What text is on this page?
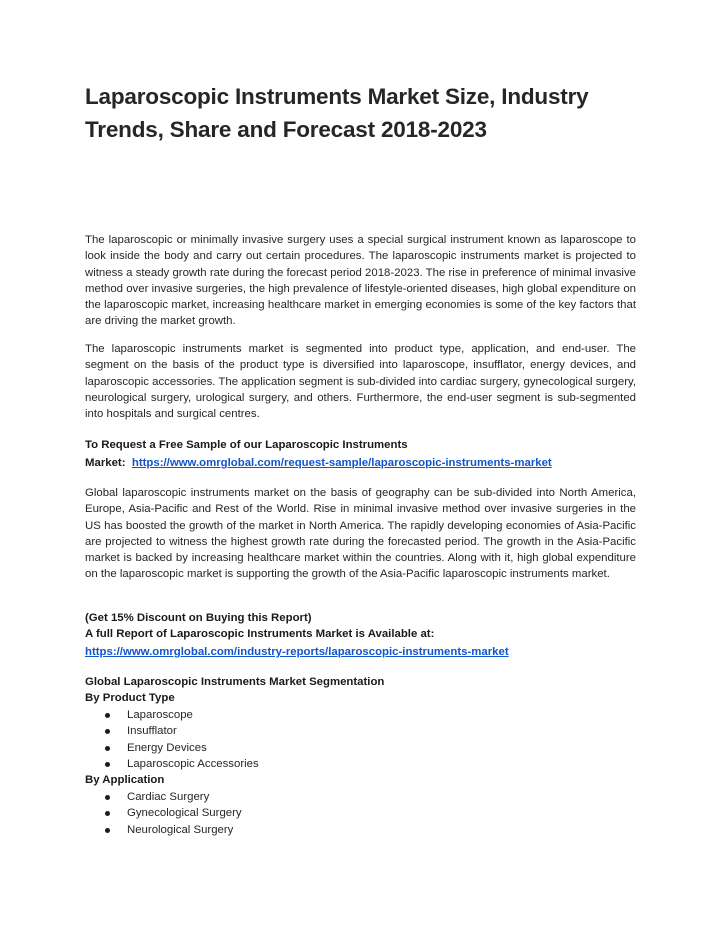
Laparoscopic Instruments Market Size, Industry Trends, Share and Forecast 2018-2023

The laparoscopic or minimally invasive surgery uses a special surgical instrument known as laparoscope to look inside the body and carry out certain procedures. The laparoscopic instruments market is projected to witness a steady growth rate during the forecast period 2018-2023. The rise in preference of minimal invasive method over invasive surgeries, the high prevalence of lifestyle-oriented diseases, high global expenditure on the laparoscopic market, increasing healthcare market in emerging economies is some of the key factors that are driving the market growth.

The laparoscopic instruments market is segmented into product type, application, and end-user. The segment on the basis of the product type is diversified into laparoscope, insufflator, energy devices, and laparoscopic accessories. The application segment is sub-divided into cardiac surgery, gynecological surgery, neurological surgery, urological surgery, and others. Furthermore, the end-user segment is sub-segmented into hospitals and surgical centres.

To Request a Free Sample of our Laparoscopic Instruments
Market: https://www.omrglobal.com/request-sample/laparoscopic-instruments-market

Global laparoscopic instruments market on the basis of geography can be sub-divided into North America, Europe, Asia-Pacific and Rest of the World. Rise in minimal invasive method over invasive surgeries in the US has boosted the growth of the market in North America. The rapidly developing economies of Asia-Pacific are projected to witness the highest growth rate during the forecasted period. The growth in the Asia-Pacific market is backed by increasing healthcare market within the countries. Along with it, high global expenditure on the laparoscopic market is supporting the growth of the Asia-Pacific laparoscopic instruments market.

(Get 15% Discount on Buying this Report)
A full Report of Laparoscopic Instruments Market is Available at:
https://www.omrglobal.com/industry-reports/laparoscopic-instruments-market
Global Laparoscopic Instruments Market Segmentation
By Product Type
Laparoscope
Insufflator
Energy Devices
Laparoscopic Accessories
By Application
Cardiac Surgery
Gynecological Surgery
Neurological Surgery
